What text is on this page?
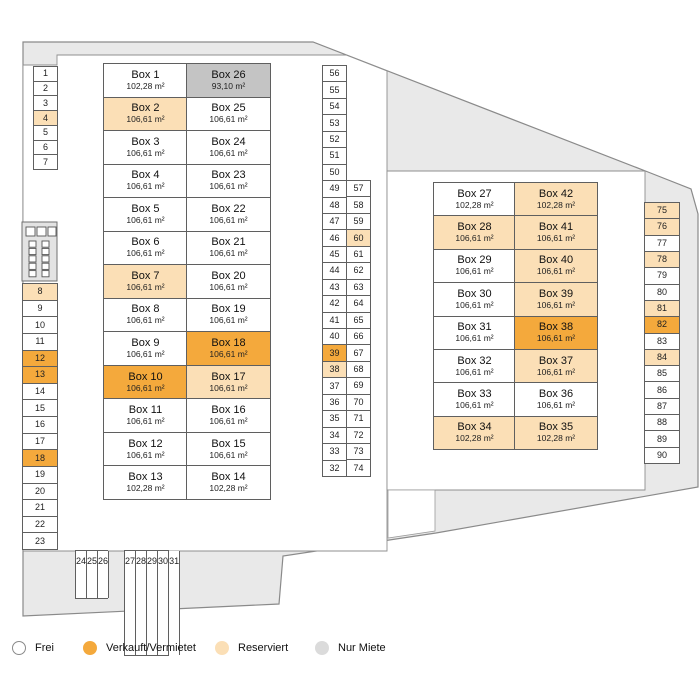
1
2
3
4
5
6
7
8
9
10
11
12
13
14
15
16
17
18
19
20
21
22
23
24 25 26 27 28 29 30 31
56
55
54
53
52
51
50
49
48
47
46
45
44
43
42
41
40
39
38
37
36
35
34
33
32
57
58
59
60
61
62
63
64
65
66
67
68
69
70
71
72
73
74
75
76
77
78
79
80
81
82
83
84
85
86
87
88
89
90
Box 1
102,28 m²
Box 2
106,61 m²
Box 3
106,61 m²
Box 4
106,61 m²
Box 5
106,61 m²
Box 6
106,61 m²
Box 7
106,61 m²
Box 8
106,61 m²
Box 9
106,61 m²
Box 10
106,61 m²
Box 11
106,61 m²
Box 12
106,61 m²
Box 13
102,28 m²
Box 26
93,10 m²
Box 25
106,61 m²
Box 24
106,61 m²
Box 23
106,61 m²
Box 22
106,61 m²
Box 21
106,61 m²
Box 20
106,61 m²
Box 19
106,61 m²
Box 18
106,61 m²
Box 17
106,61 m²
Box 16
106,61 m²
Box 15
106,61 m²
Box 14
102,28 m²
Box 27
102,28 m²
Box 28
106,61 m²
Box 29
106,61 m²
Box 30
106,61 m²
Box 31
106,61 m²
Box 32
106,61 m²
Box 33
106,61 m²
Box 34
102,28 m²
Box 42
102,28 m²
Box 41
106,61 m²
Box 40
106,61 m²
Box 39
106,61 m²
Box 38
106,61 m²
Box 37
106,61 m²
Box 36
106,61 m²
Box 35
102,28 m²
Frei	Verkauft/Vermietet	Reserviert	Nur Miete
